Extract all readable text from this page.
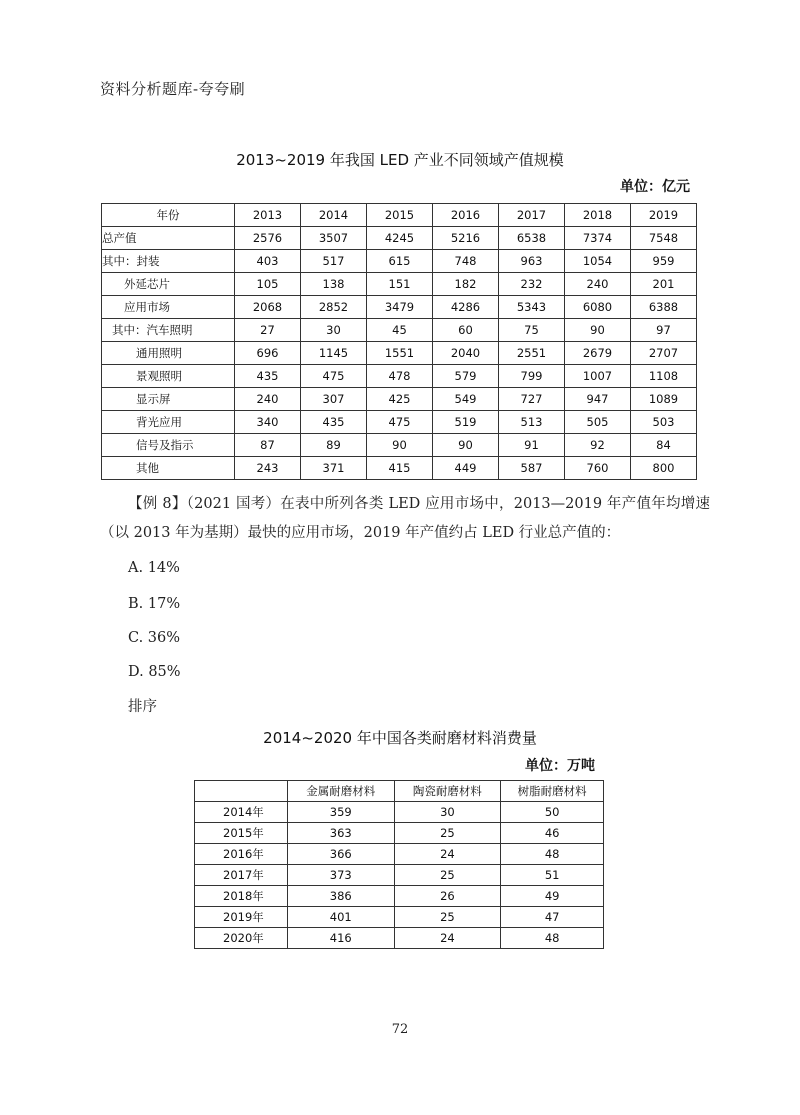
资料分析题库-夸夸刷
2013~2019 年我国 LED 产业不同领域产值规模
单位：亿元
年份	2013	2014	2015	2016	2017	2018	2019
总产值	2576	3507	4245	5216	6538	7374	7548
其中：封装	403	517	615	748	963	1054	959
外延芯片	105	138	151	182	232	240	201
应用市场	2068	2852	3479	4286	5343	6080	6388
其中：汽车照明	27	30	45	60	75	90	97
通用照明	696	1145	1551	2040	2551	2679	2707
景观照明	435	475	478	579	799	1007	1108
显示屏	240	307	425	549	727	947	1089
背光应用	340	435	475	519	513	505	503
信号及指示	87	89	90	90	91	92	84
其他	243	371	415	449	587	760	800
【例 8】（2021 国考）在表中所列各类 LED 应用市场中，2013—2019 年产值年均增速（以 2013 年为基期）最快的应用市场，2019 年产值约占 LED 行业总产值的：
A. 14%
B. 17%
C. 36%
D. 85%
排序
2014~2020 年中国各类耐磨材料消费量
单位：万吨
	金属耐磨材料	陶瓷耐磨材料	树脂耐磨材料
2014年	359	30	50
2015年	363	25	46
2016年	366	24	48
2017年	373	25	51
2018年	386	26	49
2019年	401	25	47
2020年	416	24	48
72
